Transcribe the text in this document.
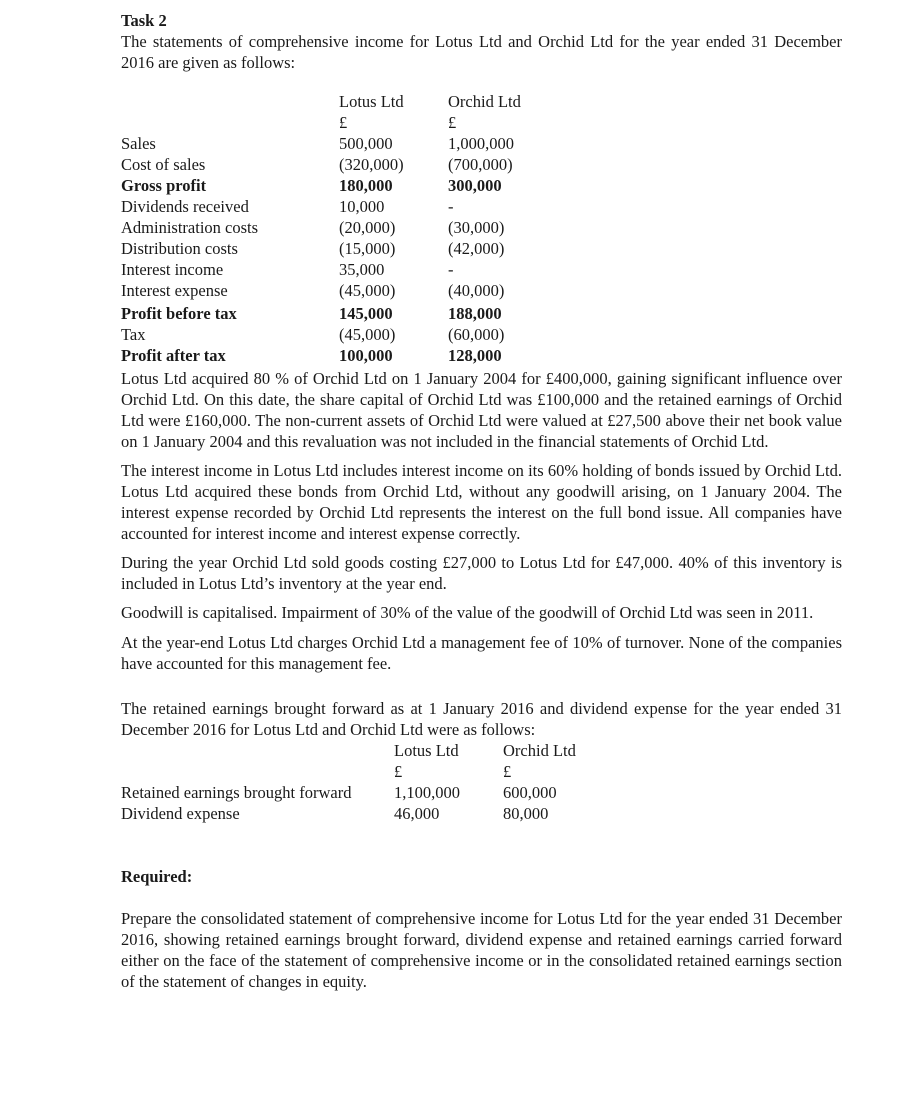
Task 2

The statements of comprehensive income for Lotus Ltd and Orchid Ltd for the year ended 31 December 2016 are given as follows:

	Lotus Ltd	Orchid Ltd
	£	£
Sales	500,000	1,000,000
Cost of sales	(320,000)	(700,000)
Gross profit	180,000	300,000
Dividends received	10,000	-
Administration costs	(20,000)	(30,000)
Distribution costs	(15,000)	(42,000)
Interest income	35,000	-
Interest expense	(45,000)	(40,000)
Profit before tax	145,000	188,000
Tax	(45,000)	(60,000)
Profit after tax	100,000	128,000

Lotus Ltd acquired 80 % of Orchid Ltd on 1 January 2004 for £400,000, gaining significant influence over Orchid Ltd. On this date, the share capital of Orchid Ltd was £100,000 and the retained earnings of Orchid Ltd were £160,000. The non-current assets of Orchid Ltd were valued at £27,500 above their net book value on 1 January 2004 and this revaluation was not included in the financial statements of Orchid Ltd.

The interest income in Lotus Ltd includes interest income on its 60% holding of bonds issued by Orchid Ltd. Lotus Ltd acquired these bonds from Orchid Ltd, without any goodwill arising, on 1 January 2004. The interest expense recorded by Orchid Ltd represents the interest on the full bond issue. All companies have accounted for interest income and interest expense correctly.

During the year Orchid Ltd sold goods costing £27,000 to Lotus Ltd for £47,000. 40% of this inventory is included in Lotus Ltd’s inventory at the year end.

Goodwill is capitalised. Impairment of 30% of the value of the goodwill of Orchid Ltd was seen in 2011.

At the year-end Lotus Ltd charges Orchid Ltd a management fee of 10% of turnover. None of the companies have accounted for this management fee.

The retained earnings brought forward as at 1 January 2016 and dividend expense for the year ended 31 December 2016 for Lotus Ltd and Orchid Ltd were as follows:

	Lotus Ltd	Orchid Ltd
	£	£
Retained earnings brought forward	1,100,000	600,000
Dividend expense	46,000	80,000
Required:

Prepare the consolidated statement of comprehensive income for Lotus Ltd for the year ended 31 December 2016, showing retained earnings brought forward, dividend expense and retained earnings carried forward either on the face of the statement of comprehensive income or in the consolidated retained earnings section of the statement of changes in equity.
